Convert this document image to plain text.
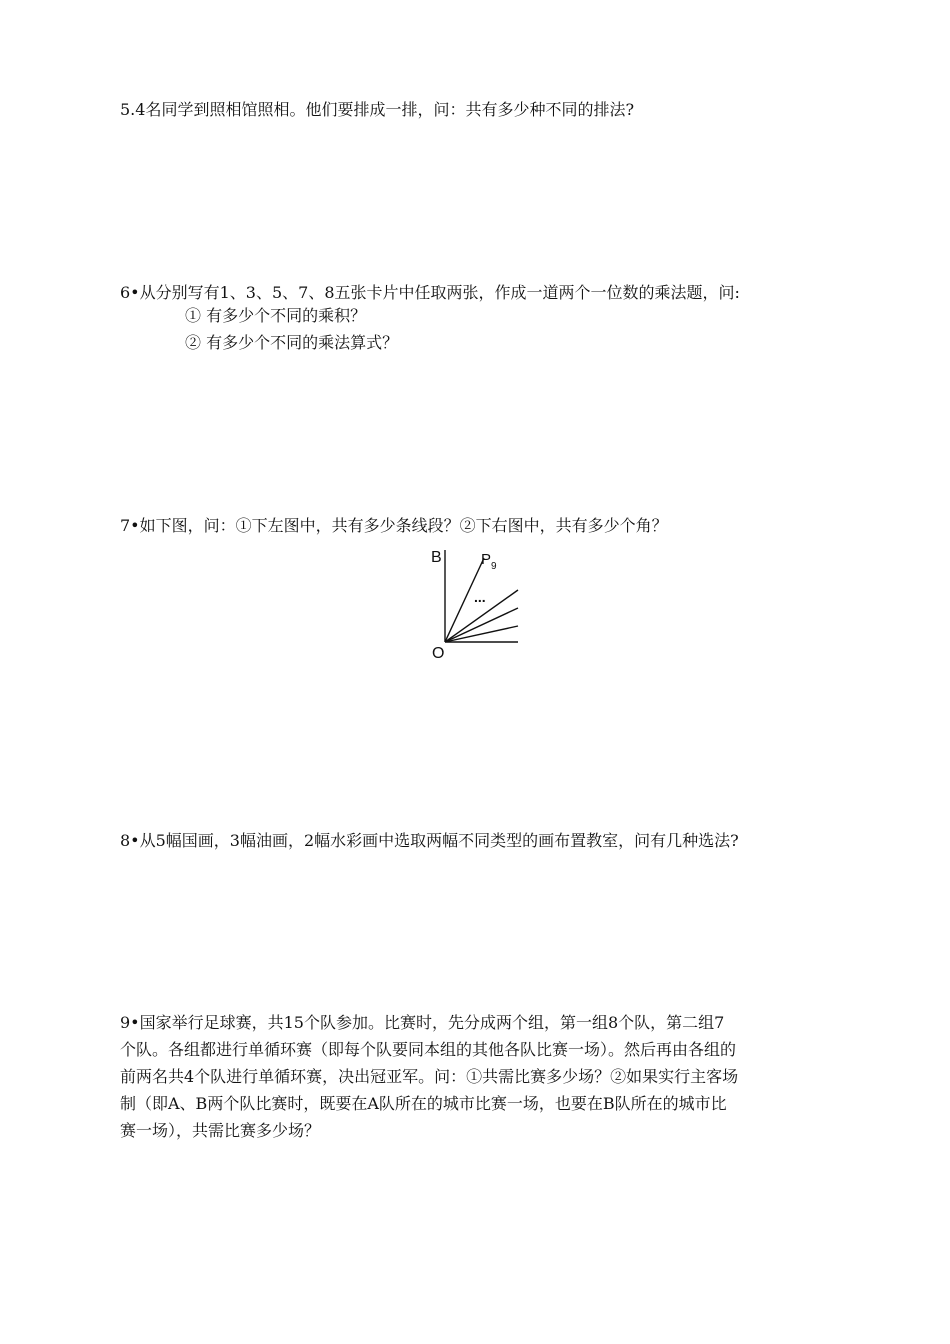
5.4名同学到照相馆照相。他们要排成一排，问：共有多少种不同的排法?
6•从分别写有1、3、5、7、8五张卡片中任取两张，作成一道两个一位数的乘法题，问:
① 有多少个不同的乘积？
② 有多少个不同的乘法算式？
7•如下图，问：①下左图中，共有多少条线段？②下右图中，共有多少个角？
B	P 9
...
O
8•从5幅国画，3幅油画，2幅水彩画中选取两幅不同类型的画布置教室，问有几种选法?
9•国家举行足球赛，共15个队参加。比赛时，先分成两个组，第一组8个队，第二组7
个队。各组都进行单循环赛（即每个队要同本组的其他各队比赛一场）。然后再由各组的
前两名共4个队进行单循环赛，决出冠亚军。问：①共需比赛多少场？②如果实行主客场
制（即A、B两个队比赛时，既要在A队所在的城市比赛一场，也要在B队所在的城市比
赛一场），共需比赛多少场？
